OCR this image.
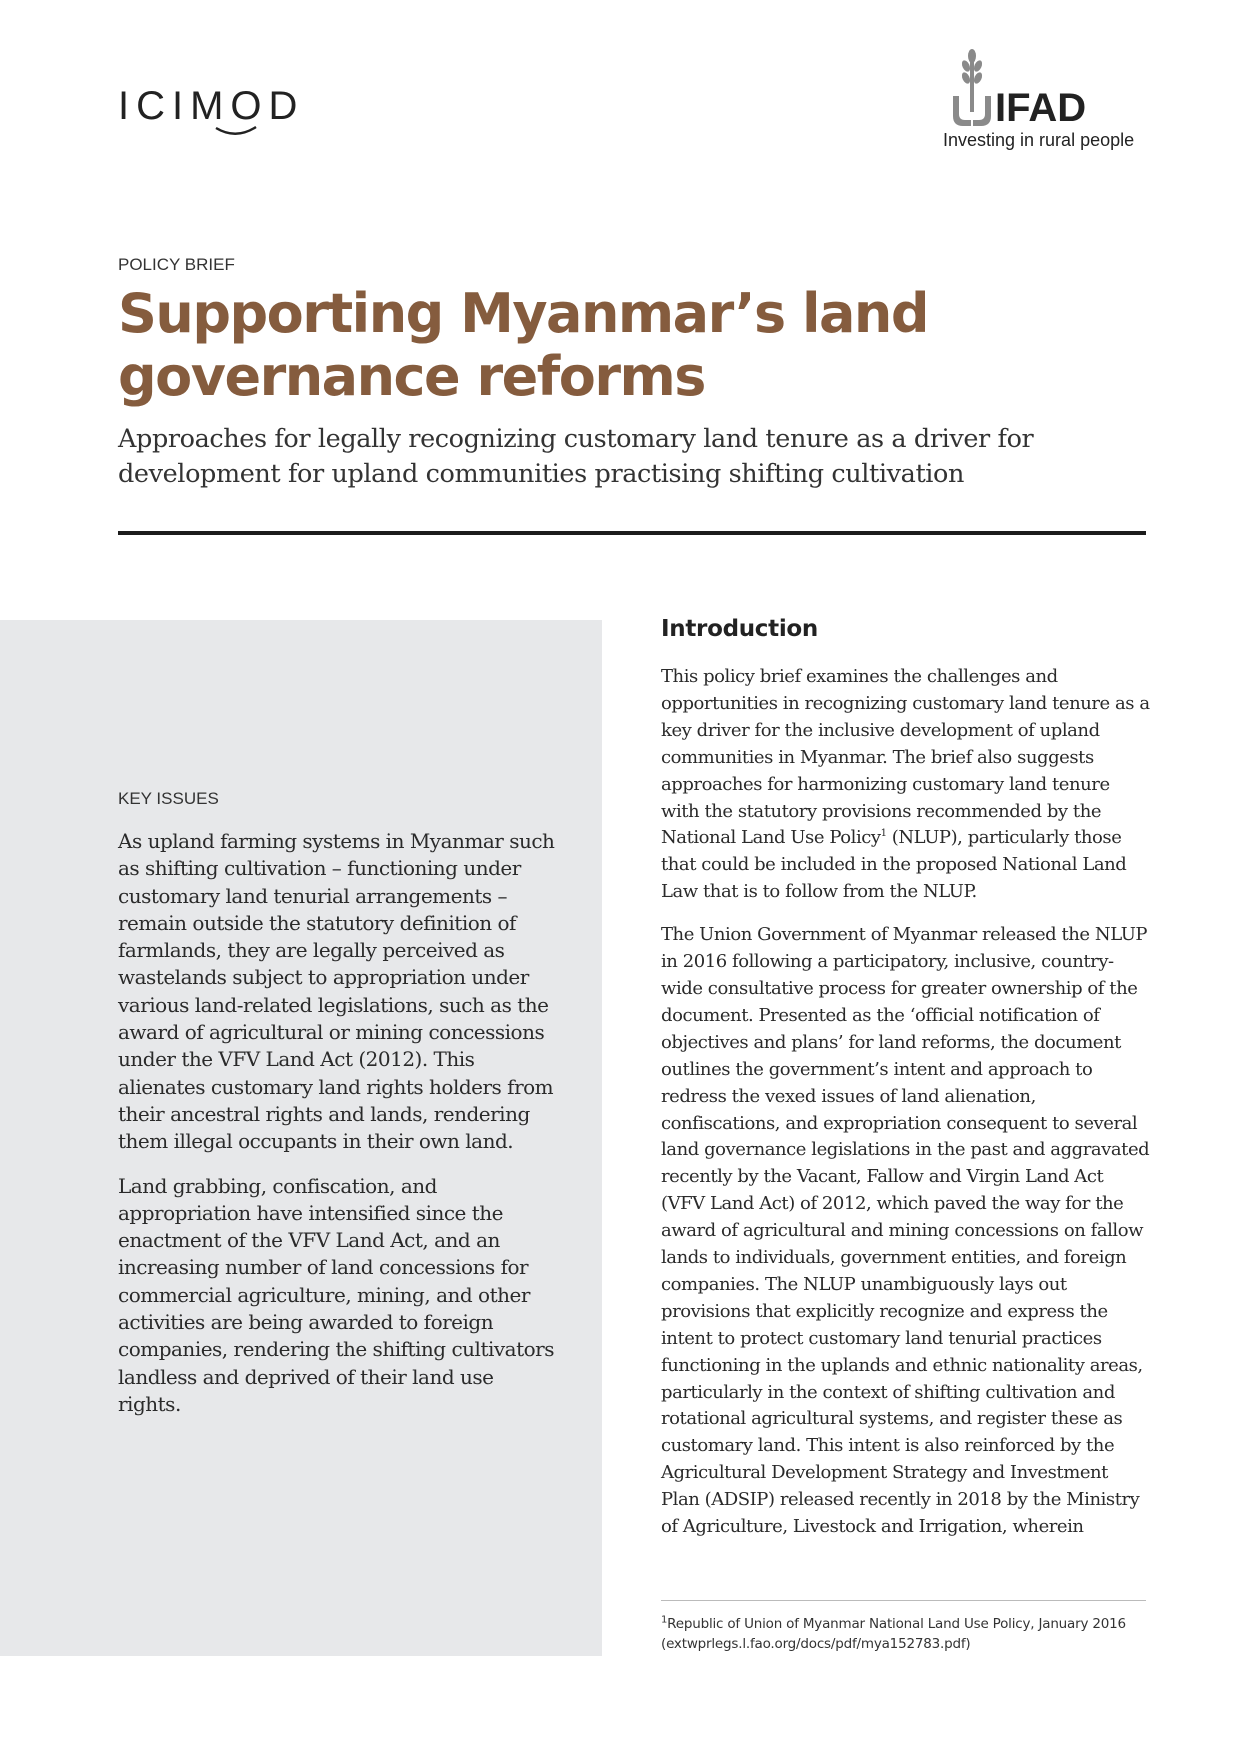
ICIMOD	IFAD
Investing in rural people
POLICY BRIEF
Supporting Myanmar’s land governance reforms

Approaches for legally recognizing customary land tenure as a driver for development for upland communities practising shifting cultivation

KEY ISSUES

As upland farming systems in Myanmar such as shifting cultivation – functioning under customary land tenurial arrangements – remain outside the statutory definition of farmlands, they are legally perceived as wastelands subject to appropriation under various land-related legislations, such as the award of agricultural or mining concessions under the VFV Land Act (2012). This alienates customary land rights holders from their ancestral rights and lands, rendering them illegal occupants in their own land.

Land grabbing, confiscation, and appropriation have intensified since the enactment of the VFV Land Act, and an increasing number of land concessions for commercial agriculture, mining, and other activities are being awarded to foreign companies, rendering the shifting cultivators landless and deprived of their land use rights.

Introduction

This policy brief examines the challenges and opportunities in recognizing customary land tenure as a key driver for the inclusive development of upland communities in Myanmar. The brief also suggests approaches for harmonizing customary land tenure with the statutory provisions recommended by the National Land Use Policy$^1$ (NLUP), particularly those that could be included in the proposed National Land Law that is to follow from the NLUP.

The Union Government of Myanmar released the NLUP in 2016 following a participatory, inclusive, country-wide consultative process for greater ownership of the document. Presented as the ‘official notification of objectives and plans’ for land reforms, the document outlines the government’s intent and approach to redress the vexed issues of land alienation, confiscations, and expropriation consequent to several land governance legislations in the past and aggravated recently by the Vacant, Fallow and Virgin Land Act (VFV Land Act) of 2012, which paved the way for the award of agricultural and mining concessions on fallow lands to individuals, government entities, and foreign companies. The NLUP unambiguously lays out provisions that explicitly recognize and express the intent to protect customary land tenurial practices functioning in the uplands and ethnic nationality areas, particularly in the context of shifting cultivation and rotational agricultural systems, and register these as customary land. This intent is also reinforced by the Agricultural Development Strategy and Investment Plan (ADSIP) released recently in 2018 by the Ministry of Agriculture, Livestock and Irrigation, wherein

$^1$Republic of Union of Myanmar National Land Use Policy, January 2016 (extwprlegs.l.fao.org/docs/pdf/mya152783.pdf)
